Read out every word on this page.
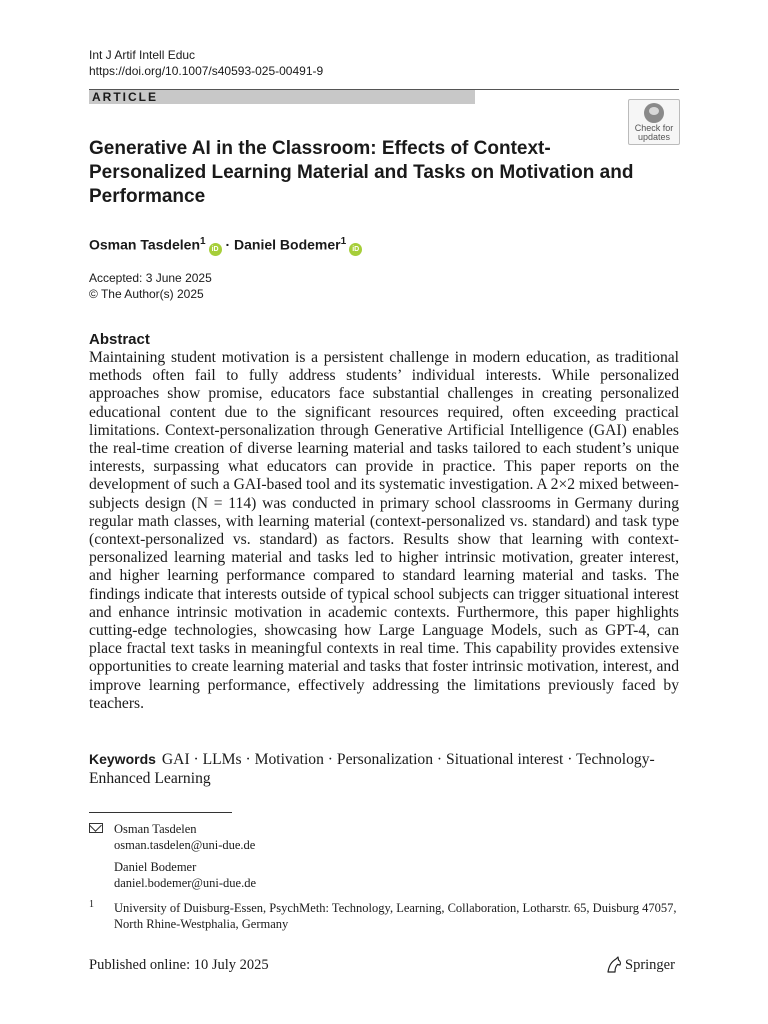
Int J Artif Intell Educ
https://doi.org/10.1007/s40593-025-00491-9
ARTICLE
Check for
updates
Generative AI in the Classroom: Effects of Context-Personalized Learning Material and Tasks on Motivation and Performance
Osman Tasdelen$^1$iD · Daniel Bodemer$^1$iD
Accepted: 3 June 2025
© The Author(s) 2025
Abstract
Maintaining student motivation is a persistent challenge in modern education, as traditional methods often fail to fully address students’ individual interests. While personalized approaches show promise, educators face substantial challenges in creating personalized educational content due to the significant resources required, often exceeding practical limitations. Context-personalization through Generative Artificial Intelligence (GAI) enables the real-time creation of diverse learning material and tasks tailored to each student’s unique interests, surpassing what educators can provide in practice. This paper reports on the development of such a GAI-based tool and its systematic investigation. A 2×2 mixed between-subjects design (N = 114) was conducted in primary school classrooms in Germany during regular math classes, with learning material (context-personalized vs. standard) and task type (context-personalized vs. standard) as factors. Results show that learning with context-personalized learning material and tasks led to higher intrinsic motivation, greater interest, and higher learning performance compared to standard learning material and tasks. The findings indicate that interests outside of typical school subjects can trigger situational interest and enhance intrinsic motivation in academic contexts. Furthermore, this paper highlights cutting-edge technologies, showcasing how Large Language Models, such as GPT-4, can place fractal text tasks in meaningful contexts in real time. This capability provides extensive opportunities to create learning material and tasks that foster intrinsic motivation, interest, and improve learning performance, effectively addressing the limitations previously faced by teachers.
Keywords GAI · LLMs · Motivation · Personalization · Situational interest · Technology-Enhanced Learning
Osman Tasdelen
osman.tasdelen@uni-due.de
Daniel Bodemer
daniel.bodemer@uni-due.de
1 University of Duisburg-Essen, PsychMeth: Technology, Learning, Collaboration, Lotharstr. 65, Duisburg 47057, North Rhine-Westphalia, Germany
Published online: 10 July 2025	Springer
